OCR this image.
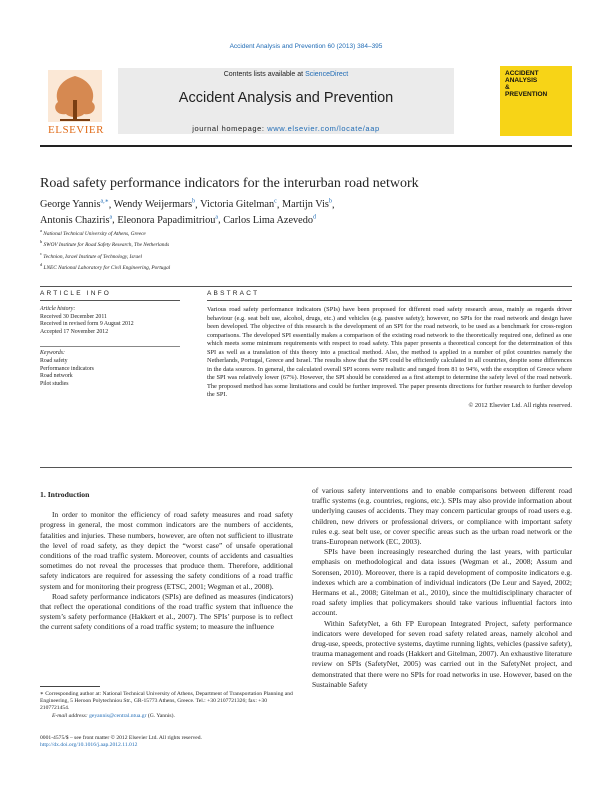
Accident Analysis and Prevention 60 (2013) 384–395
ELSEVIER
Contents lists available at ScienceDirect
Accident Analysis and Prevention
journal homepage: www.elsevier.com/locate/aap
ACCIDENT
ANALYSIS
&
PREVENTION
Road safety performance indicators for the interurban road network
George Yannis$^{a,∗}$, Wendy Weijermars$^b$, Victoria Gitelman$^c$, Martijn Vis$^b$,
Antonis Chaziris$^a$, Eleonora Papadimitriou$^a$, Carlos Lima Azevedo$^d$
$^a$ National Technical University of Athens, Greece
$^b$ SWOV Institute for Road Safety Research, The Netherlands
$^c$ Technion, Israel Institute of Technology, Israel
$^d$ LNEC National Laboratory for Civil Engineering, Portugal
ARTICLE INFO	ABSTRACT
Article history:
Received 30 December 2011
Received in revised form 9 August 2012
Accepted 17 November 2012
Keywords:
Road safety
Performance indicators
Road network
Pilot studies
Various road safety performance indicators (SPIs) have been proposed for different road safety research areas, mainly as regards driver behaviour (e.g. seat belt use, alcohol, drugs, etc.) and vehicles (e.g. passive safety); however, no SPIs for the road network and design have been developed. The objective of this research is the development of an SPI for the road network, to be used as a benchmark for cross-region comparisons. The developed SPI essentially makes a comparison of the existing road network to the theoretically required one, defined as one which meets some minimum requirements with respect to road safety. This paper presents a theoretical concept for the determination of this SPI as well as a translation of this theory into a practical method. Also, the method is applied in a number of pilot countries namely the Netherlands, Portugal, Greece and Israel. The results show that the SPI could be efficiently calculated in all countries, despite some differences in the data sources. In general, the calculated overall SPI scores were realistic and ranged from 81 to 94%, with the exception of Greece where the SPI was relatively lower (67%). However, the SPI should be considered as a first attempt to determine the safety level of the road network. The proposed method has some limitations and could be further improved. The paper presents directions for further research to further develop the SPI.
© 2012 Elsevier Ltd. All rights reserved.
1. Introduction

In order to monitor the efficiency of road safety measures and road safety progress in general, the most common indicators are the numbers of accidents, fatalities and injuries. These numbers, however, are often not sufficient to illustrate the level of road safety, as they depict the “worst case” of unsafe operational conditions of the road traffic system. Moreover, counts of accidents and casualties sometimes do not reveal the processes that produce them. Therefore, additional safety indicators are required for assessing the safety conditions of a road traffic system and for monitoring their progress (ETSC, 2001; Wegman et al., 2008).

Road safety performance indicators (SPIs) are defined as measures (indicators) that reflect the operational conditions of the road traffic system that influence the system’s safety performance (Hakkert et al., 2007). The SPIs’ purpose is to reflect the current safety conditions of a road traffic system; to measure the influence

of various safety interventions and to enable comparisons between different road traffic systems (e.g. countries, regions, etc.). SPIs may also provide information about underlying causes of accidents. They may concern particular groups of road users e.g. children, new drivers or professional drivers, or compliance with important safety rules e.g. seat belt use, or cover specific areas such as the urban road network or the trans-European network (EC, 2003).

SPIs have been increasingly researched during the last years, with particular emphasis on methodological and data issues (Wegman et al., 2008; Assum and Sorensen, 2010). Moreover, there is a rapid development of composite indicators e.g. indexes which are a combination of individual indicators (De Leur and Sayed, 2002; Hermans et al., 2008; Gitelman et al., 2010), since the multidisciplinary character of road safety implies that policymakers should take various influential factors into account.

Within SafetyNet, a 6th FP European Integrated Project, safety performance indicators were developed for seven road safety related areas, namely alcohol and drug-use, speeds, protective systems, daytime running lights, vehicles (passive safety), trauma management and roads (Hakkert and Gitelman, 2007). An exhaustive literature review on SPIs (SafetyNet, 2005) was carried out in the SafetyNet project, and demonstrated that there were no SPIs for road networks in use. However, based on the Sustainable Safety

∗ Corresponding author at: National Technical University of Athens, Department of Transportation Planning and Engineering, 5 Heroon Polytechniou Str., GR-15773 Athens, Greece. Tel.: +30 2107721326; fax: +30 2107721454.
E-mail address: geyannis@central.ntua.gr (G. Yannis).
0001-4575/$ – see front matter © 2012 Elsevier Ltd. All rights reserved.
http://dx.doi.org/10.1016/j.aap.2012.11.012
